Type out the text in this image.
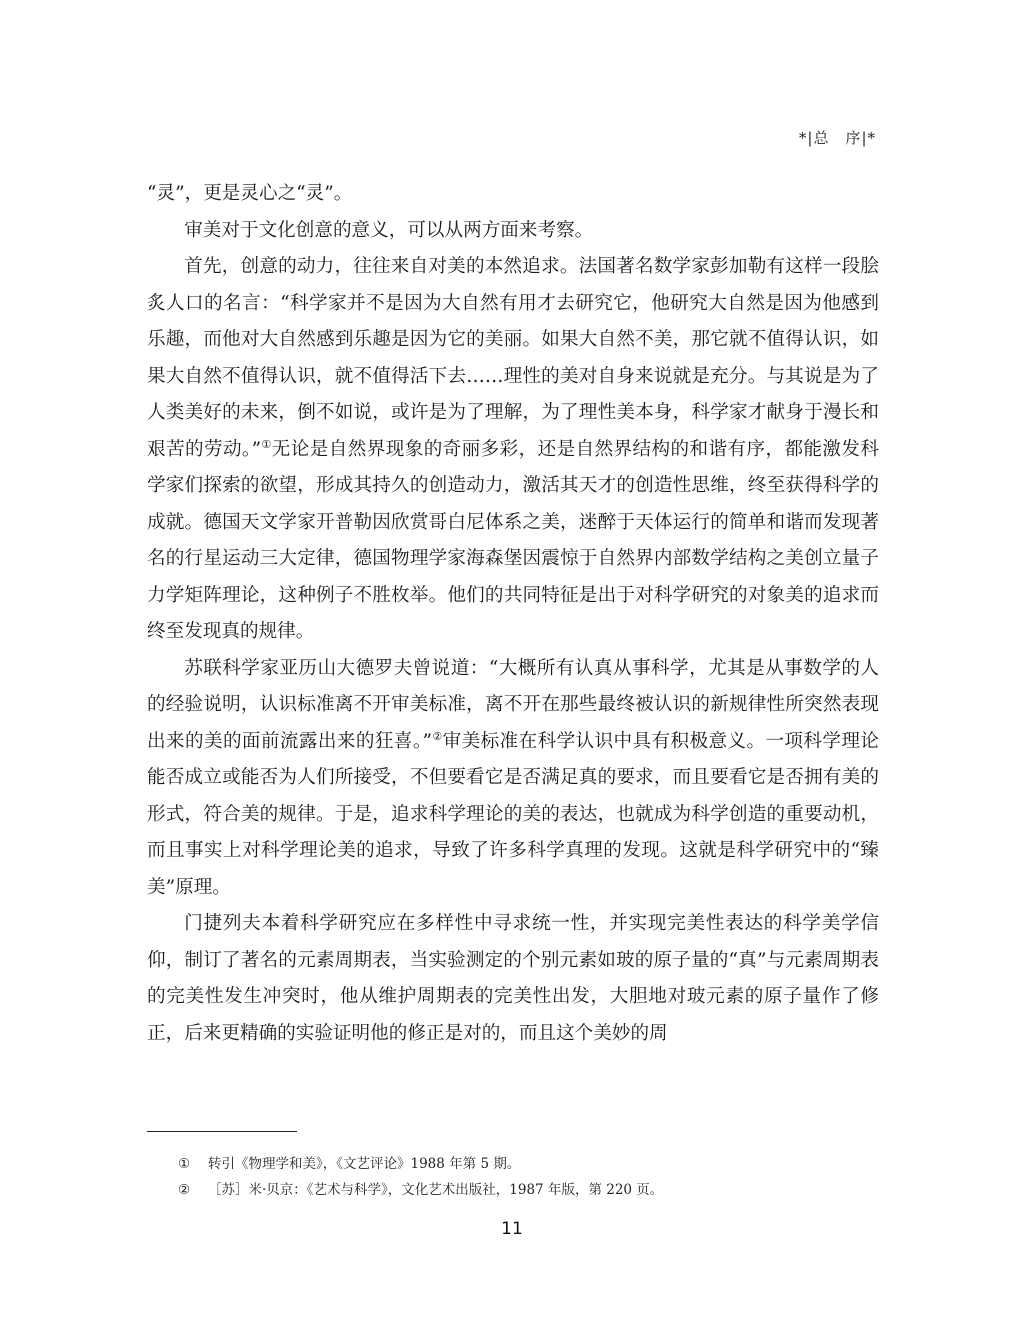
*|总　序|*

“灵”，更是灵心之“灵”。

审美对于文化创意的意义，可以从两方面来考察。

首先，创意的动力，往往来自对美的本然追求。法国著名数学家彭加勒有这样一段脍炙人口的名言：“科学家并不是因为大自然有用才去研究它，他研究大自然是因为他感到乐趣，而他对大自然感到乐趣是因为它的美丽。如果大自然不美，那它就不值得认识，如果大自然不值得认识，就不值得活下去……理性的美对自身来说就是充分。与其说是为了人类美好的未来，倒不如说，或许是为了理解，为了理性美本身，科学家才献身于漫长和艰苦的劳动。”①无论是自然界现象的奇丽多彩，还是自然界结构的和谐有序，都能激发科学家们探索的欲望，形成其持久的创造动力，激活其天才的创造性思维，终至获得科学的成就。德国天文学家开普勒因欣赏哥白尼体系之美，迷醉于天体运行的简单和谐而发现著名的行星运动三大定律，德国物理学家海森堡因震惊于自然界内部数学结构之美创立量子力学矩阵理论，这种例子不胜枚举。他们的共同特征是出于对科学研究的对象美的追求而终至发现真的规律。

苏联科学家亚历山大德罗夫曾说道：“大概所有认真从事科学，尤其是从事数学的人的经验说明，认识标准离不开审美标准，离不开在那些最终被认识的新规律性所突然表现出来的美的面前流露出来的狂喜。”②审美标准在科学认识中具有积极意义。一项科学理论能否成立或能否为人们所接受，不但要看它是否满足真的要求，而且要看它是否拥有美的形式，符合美的规律。于是，追求科学理论的美的表达，也就成为科学创造的重要动机，而且事实上对科学理论美的追求，导致了许多科学真理的发现。这就是科学研究中的“臻美”原理。

门捷列夫本着科学研究应在多样性中寻求统一性，并实现完美性表达的科学美学信仰，制订了著名的元素周期表，当实验测定的个别元素如玻的原子量的“真”与元素周期表的完美性发生冲突时，他从维护周期表的完美性出发，大胆地对玻元素的原子量作了修正，后来更精确的实验证明他的修正是对的，而且这个美妙的周

①	转引《物理学和美》，《文艺评论》1988 年第 5 期。
②	［苏］米·贝京：《艺术与科学》，文化艺术出版社，1987 年版，第 220 页。
11
